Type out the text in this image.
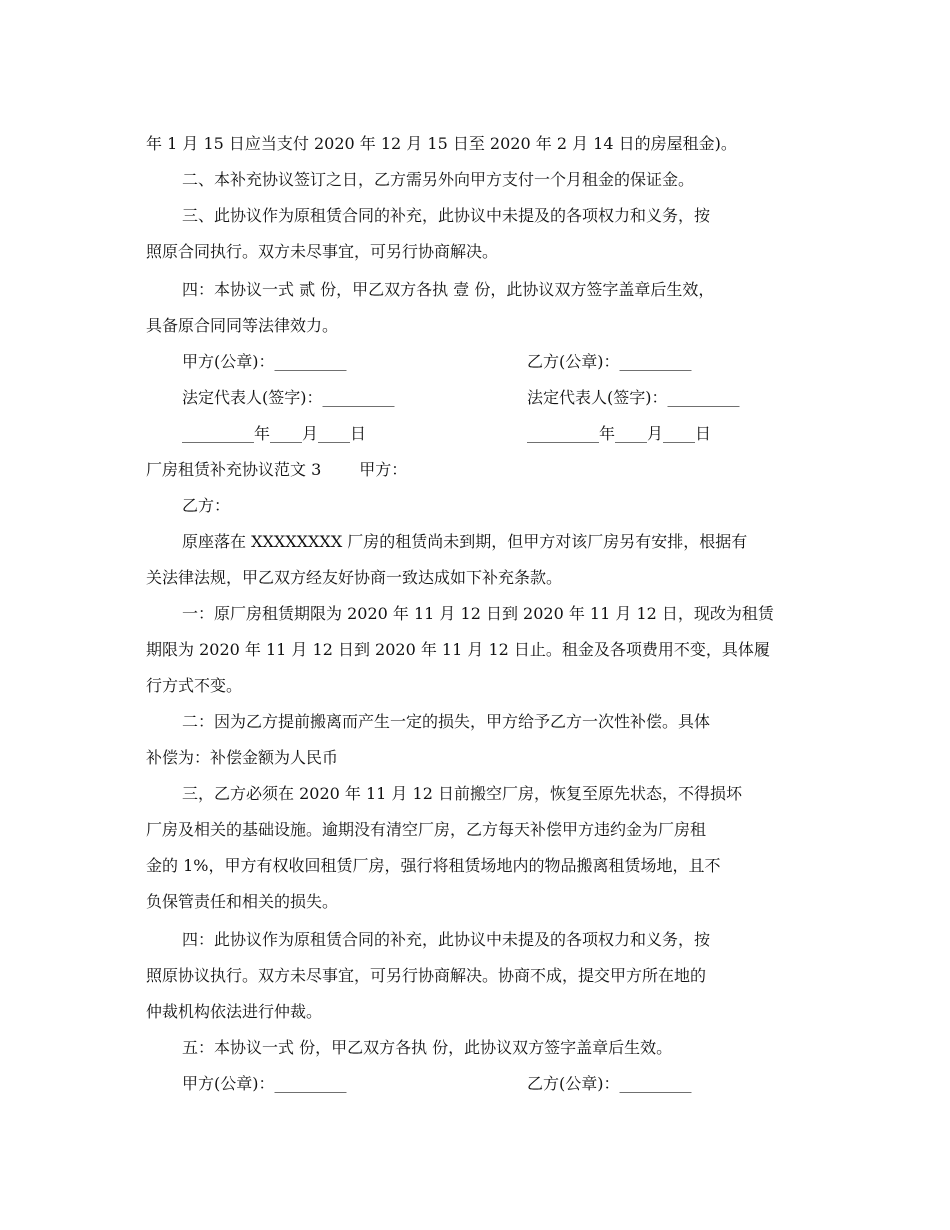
年 1 月 15 日应当支付 2020 年 12 月 15 日至 2020 年 2 月 14 日的房屋租金)。
二、本补充协议签订之日，乙方需另外向甲方支付一个月租金的保证金。
三、此协议作为原租赁合同的补充，此协议中未提及的各项权力和义务，按
照原合同执行。双方未尽事宜，可另行协商解决。
四：本协议一式 贰 份，甲乙双方各执 壹 份，此协议双方签字盖章后生效，
具备原合同同等法律效力。
甲方(公章)：_________	乙方(公章)：_________
法定代表人(签字)：_________	法定代表人(签字)：_________
_________年____月____日	_________年____月____日
厂房租赁补充协议范文 3 甲方：
乙方：
原座落在 XXXXXXXX 厂房的租赁尚未到期，但甲方对该厂房另有安排，根据有
关法律法规，甲乙双方经友好协商一致达成如下补充条款。
一：原厂房租赁期限为 2020 年 11 月 12 日到 2020 年 11 月 12 日，现改为租赁
期限为 2020 年 11 月 12 日到 2020 年 11 月 12 日止。租金及各项费用不变，具体履
行方式不变。
二：因为乙方提前搬离而产生一定的损失，甲方给予乙方一次性补偿。具体
补偿为：补偿金额为人民币
三，乙方必须在 2020 年 11 月 12 日前搬空厂房，恢复至原先状态，不得损坏
厂房及相关的基础设施。逾期没有清空厂房，乙方每天补偿甲方违约金为厂房租
金的 1%，甲方有权收回租赁厂房，强行将租赁场地内的物品搬离租赁场地，且不
负保管责任和相关的损失。
四：此协议作为原租赁合同的补充，此协议中未提及的各项权力和义务，按
照原协议执行。双方未尽事宜，可另行协商解决。协商不成，提交甲方所在地的
仲裁机构依法进行仲裁。
五：本协议一式 份，甲乙双方各执 份，此协议双方签字盖章后生效。
甲方(公章)：_________	乙方(公章)：_________
